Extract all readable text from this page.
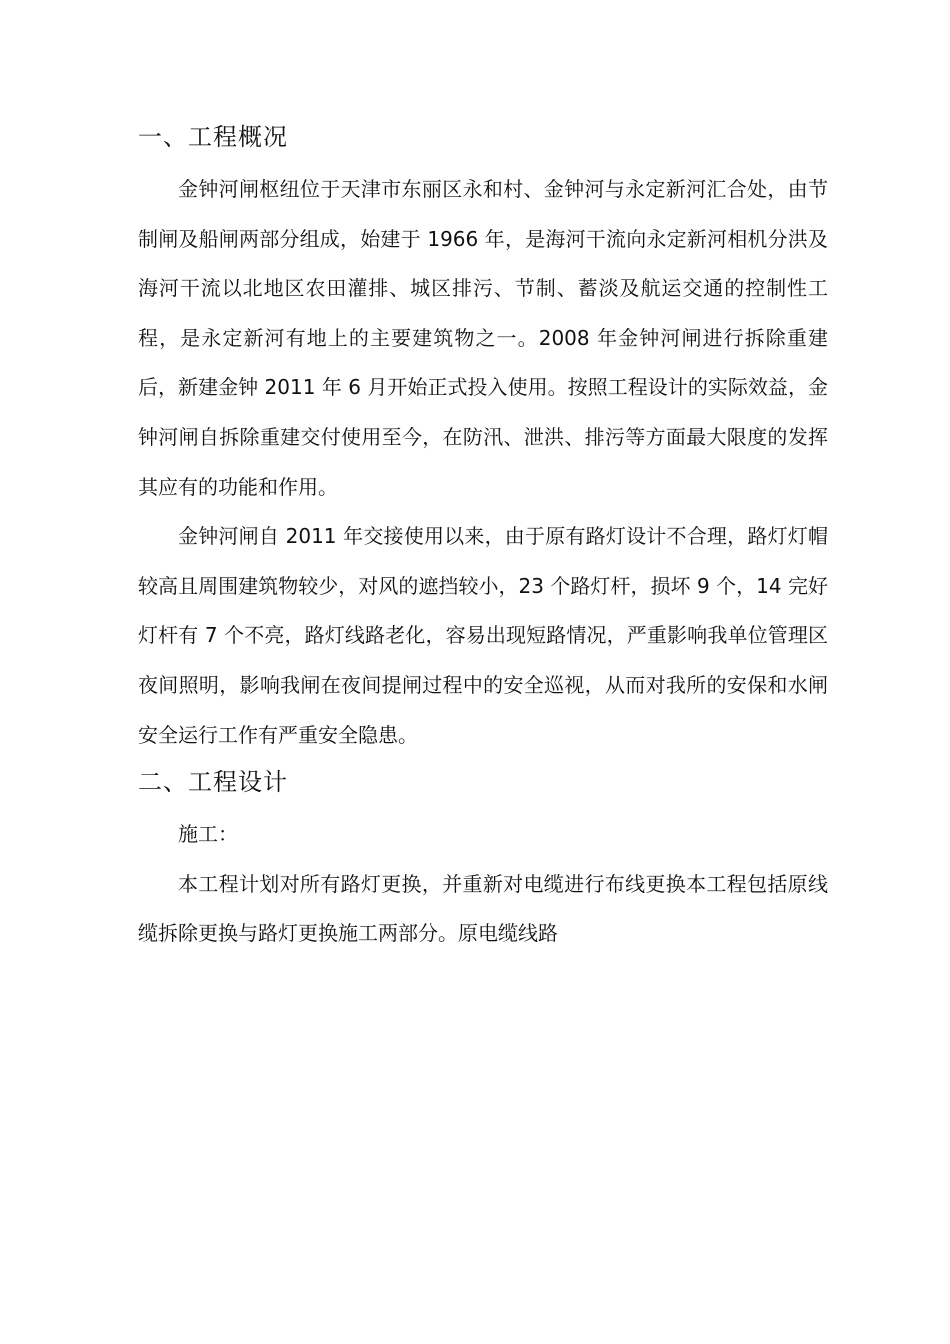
一、工程概况

金钟河闸枢纽位于天津市东丽区永和村、金钟河与永定新河汇合处，由节制闸及船闸两部分组成，始建于 1966 年，是海河干流向永定新河相机分洪及海河干流以北地区农田灌排、城区排污、节制、蓄淡及航运交通的控制性工程，是永定新河有地上的主要建筑物之一。2008 年金钟河闸进行拆除重建后，新建金钟 2011 年 6 月开始正式投入使用。按照工程设计的实际效益，金钟河闸自拆除重建交付使用至今，在防汛、泄洪、排污等方面最大限度的发挥其应有的功能和作用。

金钟河闸自 2011 年交接使用以来，由于原有路灯设计不合理，路灯灯帽较高且周围建筑物较少，对风的遮挡较小，23 个路灯杆，损坏 9 个，14 完好灯杆有 7 个不亮，路灯线路老化，容易出现短路情况，严重影响我单位管理区夜间照明，影响我闸在夜间提闸过程中的安全巡视，从而对我所的安保和水闸安全运行工作有严重安全隐患。

二、工程设计

施工：

本工程计划对所有路灯更换，并重新对电缆进行布线更换本工程包括原线缆拆除更换与路灯更换施工两部分。原电缆线路
